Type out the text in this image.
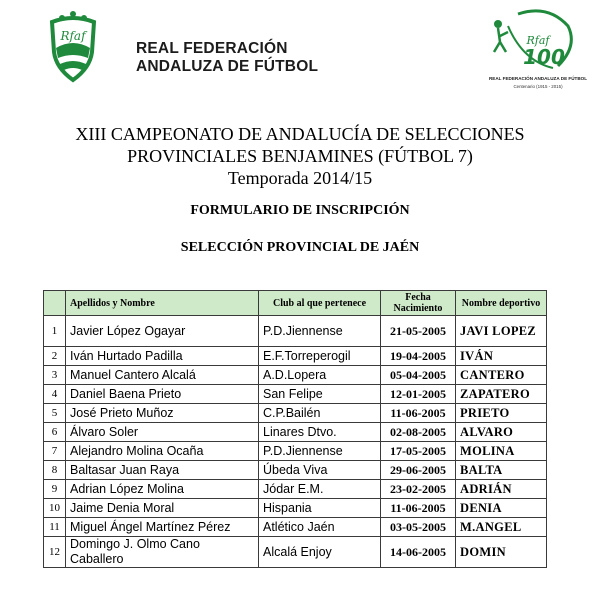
Rfaf
REAL FEDERACIÓN
ANDALUZA DE FÚTBOL
Rfaf
100
REAL FEDERACIÓN ANDALUZA DE FÚTBOL
Centenario (1915 - 2015)
XIII CAMPEONATO DE ANDALUCÍA DE SELECCIONES
PROVINCIALES BENJAMINES (FÚTBOL 7)
Temporada 2014/15
FORMULARIO DE INSCRIPCIÓN
SELECCIÓN PROVINCIAL DE JAÉN
	Apellidos y Nombre	Club al que pertenece	Fecha Nacimiento	Nombre deportivo
1	Javier López Ogayar	P.D.Jiennense	21-05-2005	JAVI LOPEZ
2	Iván Hurtado Padilla	E.F.Torreperogil	19-04-2005	IVÁN
3	Manuel Cantero Alcalá	A.D.Lopera	05-04-2005	CANTERO
4	Daniel Baena Prieto	San Felipe	12-01-2005	ZAPATERO
5	José Prieto Muñoz	C.P.Bailén	11-06-2005	PRIETO
6	Álvaro Soler	Linares Dtvo.	02-08-2005	ALVARO
7	Alejandro Molina Ocaña	P.D.Jiennense	17-05-2005	MOLINA
8	Baltasar Juan Raya	Úbeda Viva	29-06-2005	BALTA
9	Adrian López Molina	Jódar E.M.	23-02-2005	ADRIÁN
10	Jaime Denia Moral	Hispania	11-06-2005	DENIA
11	Miguel Ángel Martínez Pérez	Atlético Jaén	03-05-2005	M.ANGEL
12	Domingo J. Olmo Cano Caballero	Alcalá Enjoy	14-06-2005	DOMIN
